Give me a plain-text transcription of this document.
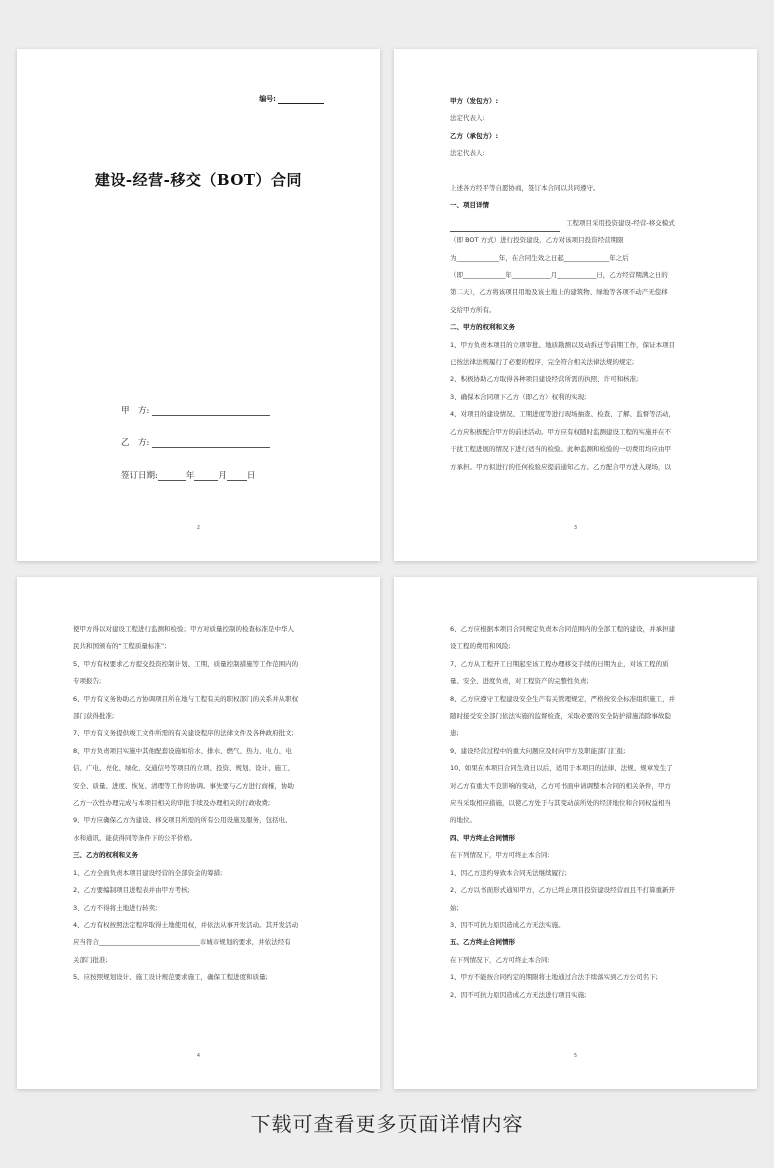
编号:
建设-经营-移交（BOT）合同
甲　方:
乙　方:
签订日期:	年	月 日
2

甲方（发包方）:

法定代表人:

乙方（承包方）:

法定代表人:

上述各方经平等自愿协商，签订本合同以共同遵守。

一、项目详情

工程项目采用投资建设-经营-移交模式

（即 BOT 方式）进行投资建设，乙方对该项目投资经营期限

为_____________年，在合同生效之日起______________年之后

（即_____________年____________月____________日，乙方经营期满之日的

第二天），乙方将该项目用地及该土地上的建筑物、绿地等各项不动产无偿移

交给甲方所有。

二、甲方的权利和义务

1、甲方负责本项目的立项审批、地质勘测以及动拆迁等前期工作，保证本项目

已按法律法规履行了必要的程序，完全符合相关法律法规的规定;

2、积极协助乙方取得各种项目建设经营所需的执照、许可和核准;

3、确保本合同项下乙方（即乙方）权利的实现;

4、对项目的建设情况、工期进度等进行现场抽查、检查、了解、监督等活动，

乙方应积极配合甲方的前述活动。甲方应有权随时监测建设工程的实施并在不

干扰工程进展的情况下进行适当的检验。此种监测和检验的一切费用均应由甲

方承担。甲方拟进行的任何检验应提前通知乙方。乙方配合甲方进入现场，以

3

使甲方得以对建设工程进行监测和检验；甲方对质量控制的检查标准是中华人

民共和国颁布的“工程质量标准”;

5、甲方有权要求乙方提交投资控制计划、工期、质量控制措施等工作范围内的

专项报告;

6、甲方有义务协助乙方协调项目所在地与工程有关的职权部门的关系并从职权

部门获得批准;

7、甲方有义务提供竣工文件所需的有关建设程序的法律文件及各种政府批文;

8、甲方负责项目实施中其他配套设施如给水、排水、燃气、热力、电力、电

信、广电、亮化、绿化、交通信号等项目的立项、投资、规划、设计、施工、

安全、质量、进度、恢复、清理等工作的协调。事先要与乙方进行商榷，协助

乙方一次性办理完成与本项目相关的审批手续及办理相关的行政收费;

9、甲方应确保乙方为建设、移交项目所需的所有公用设施及服务，包括电、

水和通讯，能获得同等条件下的公平价格。

三、乙方的权利和义务

1、乙方全面负责本项目建设经营的全部资金的筹措;

2、乙方要编制项目进程表并由甲方考核;

3、乙方不得将土地进行转卖;

4、乙方有权按照法定程序取得土地使用权，并依法从事开发活动。其开发活动

应当符合_______________________________市城市规划的要求，并依法经有

关部门批准;

5、应按照规划设计、施工设计规范要求施工，确保工程进度和质量;

4

6、乙方应根据本项目合同规定负责本合同范围内的全部工程的建设，并承担建

设工程的费用和风险;

7、乙方从工程开工日期起至该工程办理移交手续的日期为止，对该工程的质

量、安全、进度负责，对工程资产的完整性负责;

8、乙方应遵守工程建设安全生产有关管理规定，严格按安全标准组织施工，并

随时接受安全部门依法实施的监督检查，采取必要的安全防护措施消除事故隐

患;

9、建设经营过程中的重大问题应及时向甲方及职能部门汇报;

10、如果在本项目合同生效日以后，适用于本项目的法律、法规、规章发生了

对乙方有重大不良影响的变动，乙方可书面申请调整本合同的相关条件，甲方

应当采取相应措施，以使乙方处于与其变动前所处的经济地位和合同权益相当

的地位。

四、甲方终止合同情形

在下列情况下，甲方可终止本合同:

1、因乙方违约导致本合同无法继续履行;

2、乙方以书面形式通知甲方，乙方已终止项目投资建设经营而且不打算重新开

始;

3、因不可抗力原因造成乙方无法实施。

五、乙方终止合同情形

在下列情况下，乙方可终止本合同:

1、甲方不能按合同约定的期限将土地通过合法手续落实到乙方公司名下;

2、因不可抗力原因造成乙方无法进行项目实施;

5
下载可查看更多页面详情内容
